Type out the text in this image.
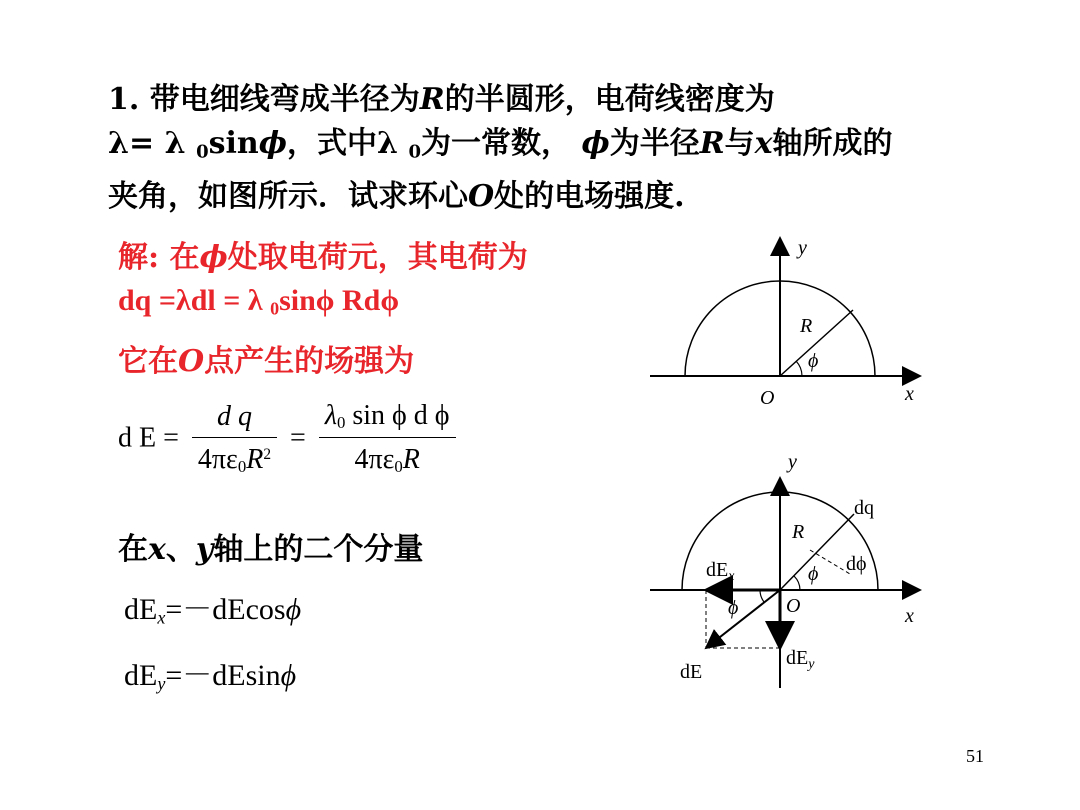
1. 带电细线弯成半径为R的半圆形，电荷线密度为
λ= λ $_0$sinϕ，式中λ $_0$为一常数， ϕ为半径R与x轴所成的
夹角，如图所示．试求环心O处的电场强度.
解: 在ϕ处取电荷元，其电荷为
dq =λdl = λ $_0$sinϕ Rdϕ
它在O点产生的场强为
d $E = \frac{\text{d q}}{4\pi\varepsilon_0R^2} = \frac{\lambda_0 \sin \phi d \phi}{4\pi\varepsilon_0R}$
在x、y轴上的二个分量
$dE_x=-dEcos\phi$
$dE_y=-dEsin\phi$
y
R
ϕ
O	x
y
dq
R
dϕ
$dE_x$	ϕ
ϕ O	x
$dE_y$
dE
51
